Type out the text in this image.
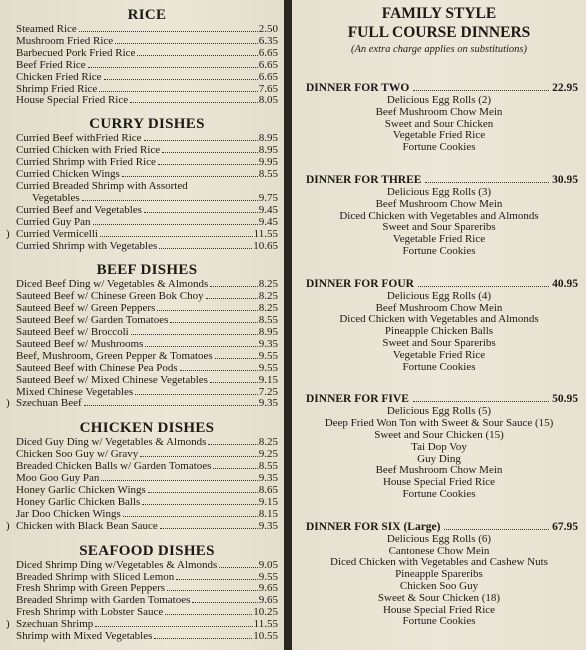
RICE
Steamed Rice	2.50
Mushroom Fried Rice	6.35
Barbecued Pork Fried Rice	6.65
Beef Fried Rice	6.65
Chicken Fried Rice	6.65
Shrimp Fried Rice	7.65
House Special Fried Rice	8.05
CURRY DISHES
Curried Beef withFried Rice	8.95
Curried Chicken with Fried Rice	8.95
Curried Shrimp with Fried Rice	9.95
Curried Chicken Wings	8.55
Curried Breaded Shrimp with Assorted
Vegetables	9.75
Curried Beef and Vegetables	9.45
Curried Guy Pan	9.45
) Curried Vermicelli	11.55
Curried Shrimp with Vegetables	10.65
BEEF DISHES
Diced Beef Ding w/ Vegetables & Almonds	8.25
Sauteed Beef w/ Chinese Green Bok Choy	8.25
Sauteed Beef w/ Green Peppers	8.25
Sauteed Beef w/ Garden Tomatoes	8.55
Sauteed Beef w/ Broccoli	8.95
Sauteed Beef w/ Mushrooms	9.35
Beef, Mushroom, Green Pepper & Tomatoes	9.55
Sauteed Beef with Chinese Pea Pods	9.55
Sauteed Beef w/ Mixed Chinese Vegetables	9.15
Mixed Chinese Vegetables	7.25
) Szechuan Beef	9.35
CHICKEN DISHES
Diced Guy Ding w/ Vegetables & Almonds	8.25
Chicken Soo Guy w/ Gravy	9.25
Breaded Chicken Balls w/ Garden Tomatoes	8.55
Moo Goo Guy Pan	9.35
Honey Garlic Chicken Wings	8.65
Honey Garlic Chicken Balls	9.15
Jar Doo Chicken Wings	8.15
) Chicken with Black Bean Sauce	9.35
SEAFOOD DISHES
Diced Shrimp Ding w/Vegetables & Almonds	9.05
Breaded Shrimp with Sliced Lemon	9.55
Fresh Shrimp with Green Peppers	9.65
Breaded Shrimp with Garden Tomatoes	9.65
Fresh Shrimp with Lobster Sauce	10.25
) Szechuan Shrimp	11.55
Shrimp with Mixed Vegetables	10.55
FAMILY STYLE
FULL COURSE DINNERS

(An extra charge applies on substitutions)

DINNER FOR TWO	22.95
Delicious Egg Rolls (2)
Beef Mushroom Chow Mein
Sweet and Sour Chicken
Vegetable Fried Rice
Fortune Cookies
DINNER FOR THREE	30.95
Delicious Egg Rolls (3)
Beef Mushroom Chow Mein
Diced Chicken with Vegetables and Almonds
Sweet and Sour Spareribs
Vegetable Fried Rice
Fortune Cookies
DINNER FOR FOUR	40.95
Delicious Egg Rolls (4)
Beef Mushroom Chow Mein
Diced Chicken with Vegetables and Almonds
Pineapple Chicken Balls
Sweet and Sour Spareribs
Vegetable Fried Rice
Fortune Cookies
DINNER FOR FIVE	50.95
Delicious Egg Rolls (5)
Deep Fried Won Ton with Sweet & Sour Sauce (15)
Sweet and Sour Chicken (15)
Tai Dop Voy
Guy Ding
Beef Mushroom Chow Mein
House Special Fried Rice
Fortune Cookies
DINNER FOR SIX (Large)	67.95
Delicious Egg Rolls (6)
Cantonese Chow Mein
Diced Chicken with Vegetables and Cashew Nuts
Pineapple Spareribs
Chicken Soo Guy
Sweet & Sour Chicken (18)
House Special Fried Rice
Fortune Cookies
